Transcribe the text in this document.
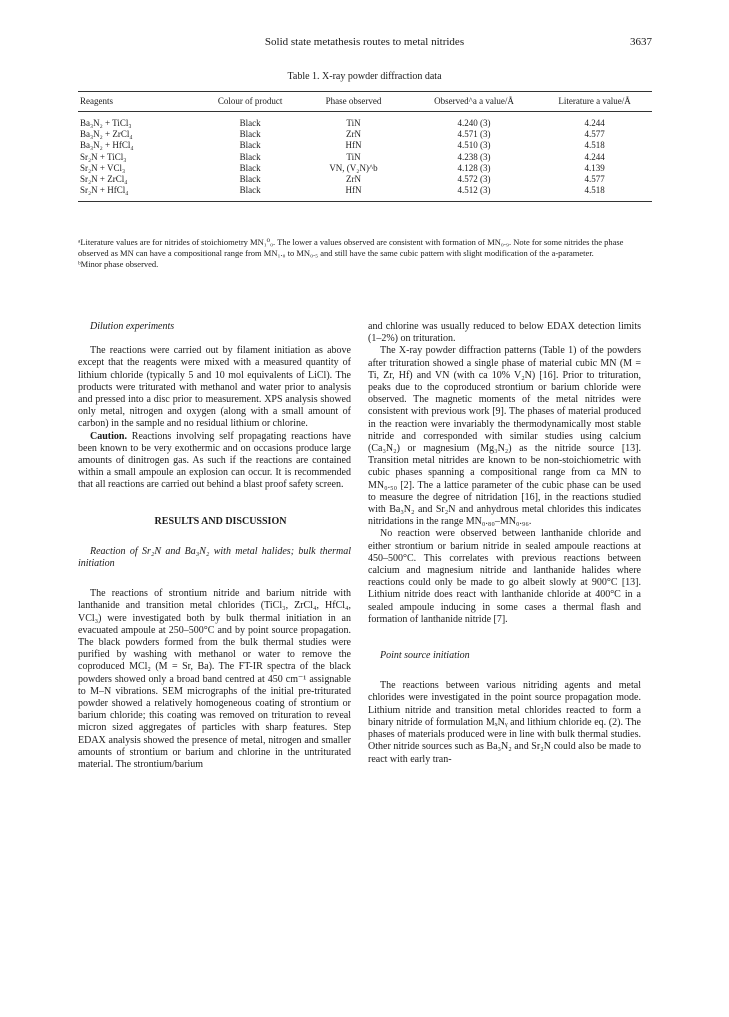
Solid state metathesis routes to metal nitrides	3637
Table 1. X-ray powder diffraction data
Reagents	Colour of product	Phase observed	Observed^a a value/Å	Literature a value/Å
Ba₃N₂ + TiCl₃	Black	TiN	4.240 (3)	4.244
Ba₃N₂ + ZrCl₄	Black	ZrN	4.571 (3)	4.577
Ba₃N₂ + HfCl₄	Black	HfN	4.510 (3)	4.518
Sr₂N + TiCl₃	Black	TiN	4.238 (3)	4.244
Sr₂N + VCl₃	Black	VN, (V₂N)^b	4.128 (3)	4.139
Sr₂N + ZrCl₄	Black	ZrN	4.572 (3)	4.577
Sr₂N + HfCl₄	Black	HfN	4.512 (3)	4.518

ᵃLiterature values are for nitrides of stoichiometry MN₁⁰₀. The lower a values observed are consistent with formation of MN₀.₉. Note for some nitrides the phase observed as MN can have a compositional range from MN₁.₀ to MN₀.₅ and still have the same cubic pattern with slight modification of the a-parameter.

ᵇMinor phase observed.

Dilution experiments

The reactions were carried out by filament initiation as above except that the reagents were mixed with a measured quantity of lithium chloride (typically 5 and 10 mol equivalents of LiCl). The products were triturated with methanol and water prior to analysis and pressed into a disc prior to measurement. XPS analysis showed only metal, nitrogen and oxygen (along with a small amount of carbon) in the sample and no residual lithium or chlorine.

Caution. Reactions involving self propagating reactions have been known to be very exothermic and on occasions produce large amounts of dinitrogen gas. As such if the reactions are contained within a small ampoule an explosion can occur. It is recommended that all reactions are carried out behind a blast proof safety screen.

RESULTS AND DISCUSSION

Reaction of Sr₂N and Ba₃N₂ with metal halides; bulk thermal initiation

The reactions of strontium nitride and barium nitride with lanthanide and transition metal chlorides (TiCl₃, ZrCl₄, HfCl₄, VCl₃) were investigated both by bulk thermal initiation in an evacuated ampoule at 250–500°C and by point source propagation. The black powders formed from the bulk thermal studies were purified by washing with methanol or water to remove the coproduced MCl₂ (M = Sr, Ba). The FT-IR spectra of the black powders showed only a broad band centred at 450 cm⁻¹ assignable to M–N vibrations. SEM micrographs of the initial pre-triturated powder showed a relatively homogeneous coating of strontium or barium chloride; this coating was removed on trituration to reveal micron sized aggregates of particles with sharp features. Step EDAX analysis showed the presence of metal, nitrogen and smaller amounts of strontium or barium and chlorine in the untriturated material. The strontium/barium

and chlorine was usually reduced to below EDAX detection limits (1–2%) on trituration.

The X-ray powder diffraction patterns (Table 1) of the powders after trituration showed a single phase of material cubic MN (M = Ti, Zr, Hf) and VN (with ca 10% V₂N) [16]. Prior to trituration, peaks due to the coproduced strontium or barium chloride were observed. The magnetic moments of the metal nitrides were consistent with previous work [9]. The phases of material produced in the reaction were invariably the thermodynamically most stable nitride and corresponded with similar studies using calcium (Ca₃N₂) or magnesium (Mg₃N₂) as the nitride source [13]. Transition metal nitrides are known to be non-stoichiometric with cubic phases spanning a compositional range from ca MN to MN₀.₅₀ [2]. The a lattice parameter of the cubic phase can be used to measure the degree of nitridation [16], in the reactions studied with Ba₃N₂ and Sr₂N and anhydrous metal chlorides this indicates nitridations in the range MN₀.₈₀–MN₀.₉₆.

No reaction were observed between lanthanide chloride and either strontium or barium nitride in sealed ampoule reactions at 450–500°C. This correlates with previous reactions between calcium and magnesium nitride and lanthanide halides where reactions could only be made to go albeit slowly at 900°C [13]. Lithium nitride does react with lanthanide chloride at 400°C in a sealed ampoule inducing in some cases a thermal flash and formation of lanthanide nitride [7].

Point source initiation

The reactions between various nitriding agents and metal chlorides were investigated in the point source propagation mode. Lithium nitride and transition metal chlorides reacted to form a binary nitride of formulation MₓNᵧ and lithium chloride eq. (2). The phases of materials produced were in line with bulk thermal studies. Other nitride sources such as Ba₃N₂ and Sr₂N could also be made to react with early tran-
